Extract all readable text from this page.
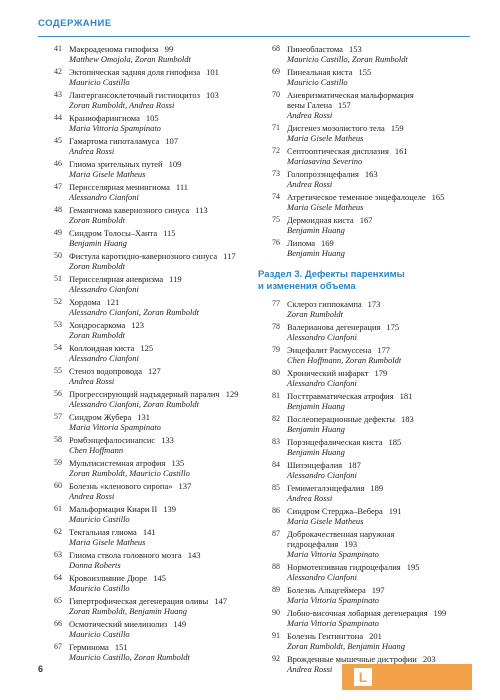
СОДЕРЖАНИЕ
41 Макроаденома гипофиза 99
Matthew Omojola, Zoran Rumboldt
42 Эктопическая задняя доля гипофиза 101
Mauricio Castillo
43 Лангергансоклеточный гистиоцитоз 103
Zoran Rumboldt, Andrea Rossi
44 Краниофарингиома 105
Maria Vittoria Spampinato
45 Гамартома гипоталамуса 107
Andrea Rossi
46 Глиома зрительных путей 109
Maria Gisele Matheus
47 Перисселярная менингиома 111
Alessandro Cianfoni
48 Гемангиома кавернозного синуса 113
Zoran Rumboldt
49 Синдром Толосы–Ханта 115
Benjamin Huang
50 Фистула каротидно-кавернозного синуса 117
Zoran Rumboldt
51 Перисселярная аневризма 119
Alessandro Cianfoni
52 Хордома 121
Alessandro Cianfoni, Zoran Rumboldt
53 Хондросаркома 123
Zoran Rumboldt
54 Коллоидная киста 125
Alessandro Cianfoni
55 Стеноз водопровода 127
Andrea Rossi
56 Прогрессирующий надъядерный паралич 129
Alessandro Cianfoni, Zoran Rumboldt
57 Синдром Жубера 131
Maria Vittoria Spampinato
58 Ромбэнцефалосинапсис 133
Chen Hoffmann
59 Мультисистемная атрофия 135
Zoran Rumboldt, Mauricio Castillo
60 Болезнь «кленового сиропа» 137
Andrea Rossi
61 Мальформация Киари II 139
Mauricio Castillo
62 Тектальная глиома 141
Maria Gisele Matheus
63 Глиома ствола головного мозга 143
Donna Roberts
64 Кровоизлияние Дюре 145
Mauricio Castillo
65 Гипертрофическая дегенерация оливы 147
Zoran Rumboldt, Benjamin Huang
66 Осмотический миелинолиз 149
Mauricio Castillo
67 Герминома 151
Mauricio Castillo, Zoran Rumboldt
68 Пинеобластома 153
Mauricio Castillo, Zoran Rumboldt
69 Пинеальная киста 155
Mauricio Castillo
70 Аневризматическая мальформация
вены Галена 157
Andrea Rossi
71 Дисгенез мозолистого тела 159
Maria Gisele Matheus
72 Септооптическая дисплазия 161
Mariasavina Severino
73 Голопрозэнцефалия 163
Andrea Rossi
74 Атретическое теменное энцефалоцеле 165
Maria Gisele Matheus
75 Дермоидная киста 167
Benjamin Huang
76 Липома 169
Benjamin Huang
Раздел 3. Дефекты паренхимы
и изменения объема
77 Склероз гиппокампа 173
Zoran Rumboldt
78 Валериановa дегенерация 175
Alessandro Cianfoni
79 Энцефалит Расмуссена 177
Chen Hoffmann, Zoran Rumboldt
80 Хронический инфаркт 179
Alessandro Cianfoni
81 Посттравматическая атрофия 181
Benjamin Huang
82 Послеоперационные дефекты 183
Benjamin Huang
83 Порэнцефалическая киста 185
Benjamin Huang
84 Шизэнцефалия 187
Alessandro Cianfoni
85 Гемимегалэнцефалия 189
Andrea Rossi
86 Синдром Стерджа–Вебера 191
Maria Gisele Matheus
87 Доброкачественная наружная
гидроцефалия 193
Maria Vittoria Spampinato
88 Нормотензивная гидроцефалия 195
Alessandro Cianfoni
89 Болезнь Альцгеймера 197
Maria Vittoria Spampinato
90 Лобно-височная лобарная дегенерация 199
Maria Vittoria Spampinato
91 Болезнь Гентингтона 201
Zoran Rumboldt, Benjamin Huang
92 Врожденные мышечные дистрофии 203
Andrea Rossi
6	L
